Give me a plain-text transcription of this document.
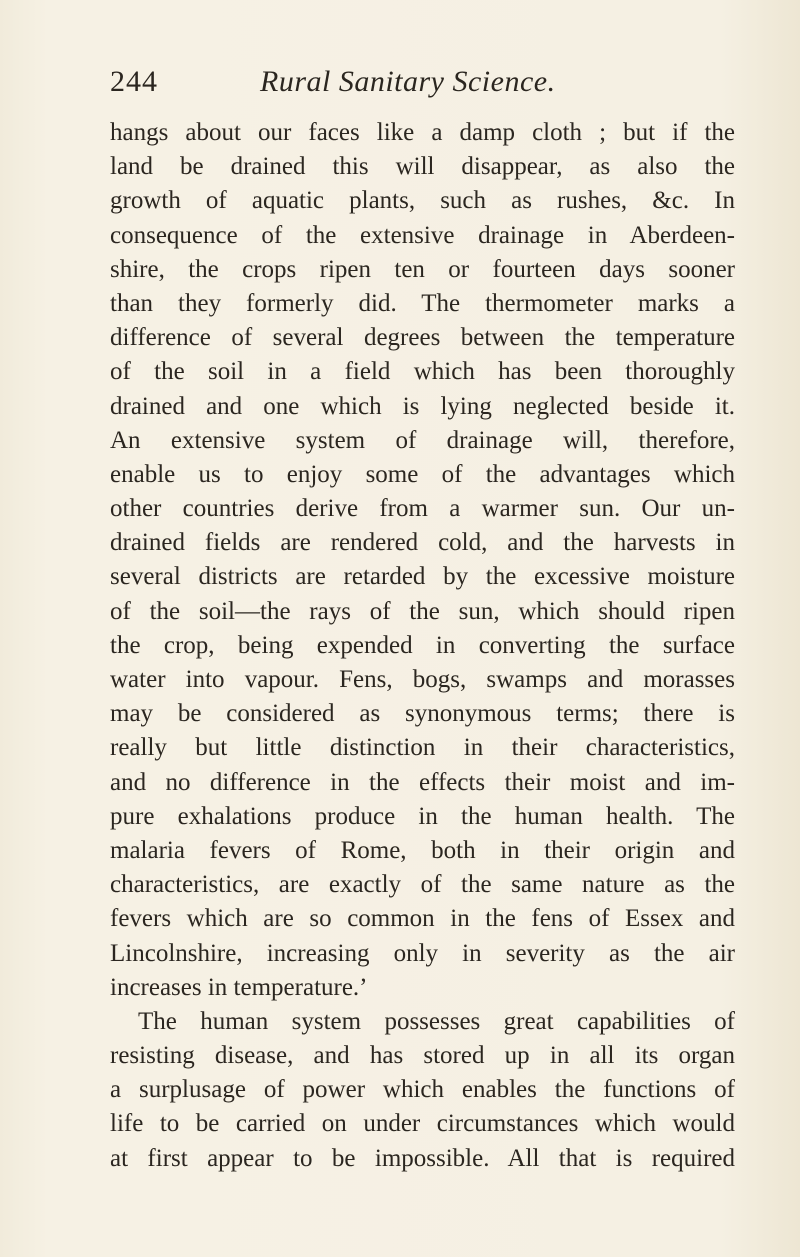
244	Rural Sanitary Science.
hangs about our faces like a damp cloth ; but if the
land be drained this will disappear, as also the
growth of aquatic plants, such as rushes, &c. In
consequence of the extensive drainage in Aberdeen-
shire, the crops ripen ten or fourteen days sooner
than they formerly did. The thermometer marks a
difference of several degrees between the temperature
of the soil in a field which has been thoroughly
drained and one which is lying neglected beside it.
An extensive system of drainage will, therefore,
enable us to enjoy some of the advantages which
other countries derive from a warmer sun. Our un-
drained fields are rendered cold, and the harvests in
several districts are retarded by the excessive moisture
of the soil—the rays of the sun, which should ripen
the crop, being expended in converting the surface
water into vapour. Fens, bogs, swamps and morasses
may be considered as synonymous terms; there is
really but little distinction in their characteristics,
and no difference in the effects their moist and im-
pure exhalations produce in the human health. The
malaria fevers of Rome, both in their origin and
characteristics, are exactly of the same nature as the
fevers which are so common in the fens of Essex and
Lincolnshire, increasing only in severity as the air
increases in temperature.’
The human system possesses great capabilities of
resisting disease, and has stored up in all its organ
a surplusage of power which enables the functions of
life to be carried on under circumstances which would
at first appear to be impossible. All that is required
